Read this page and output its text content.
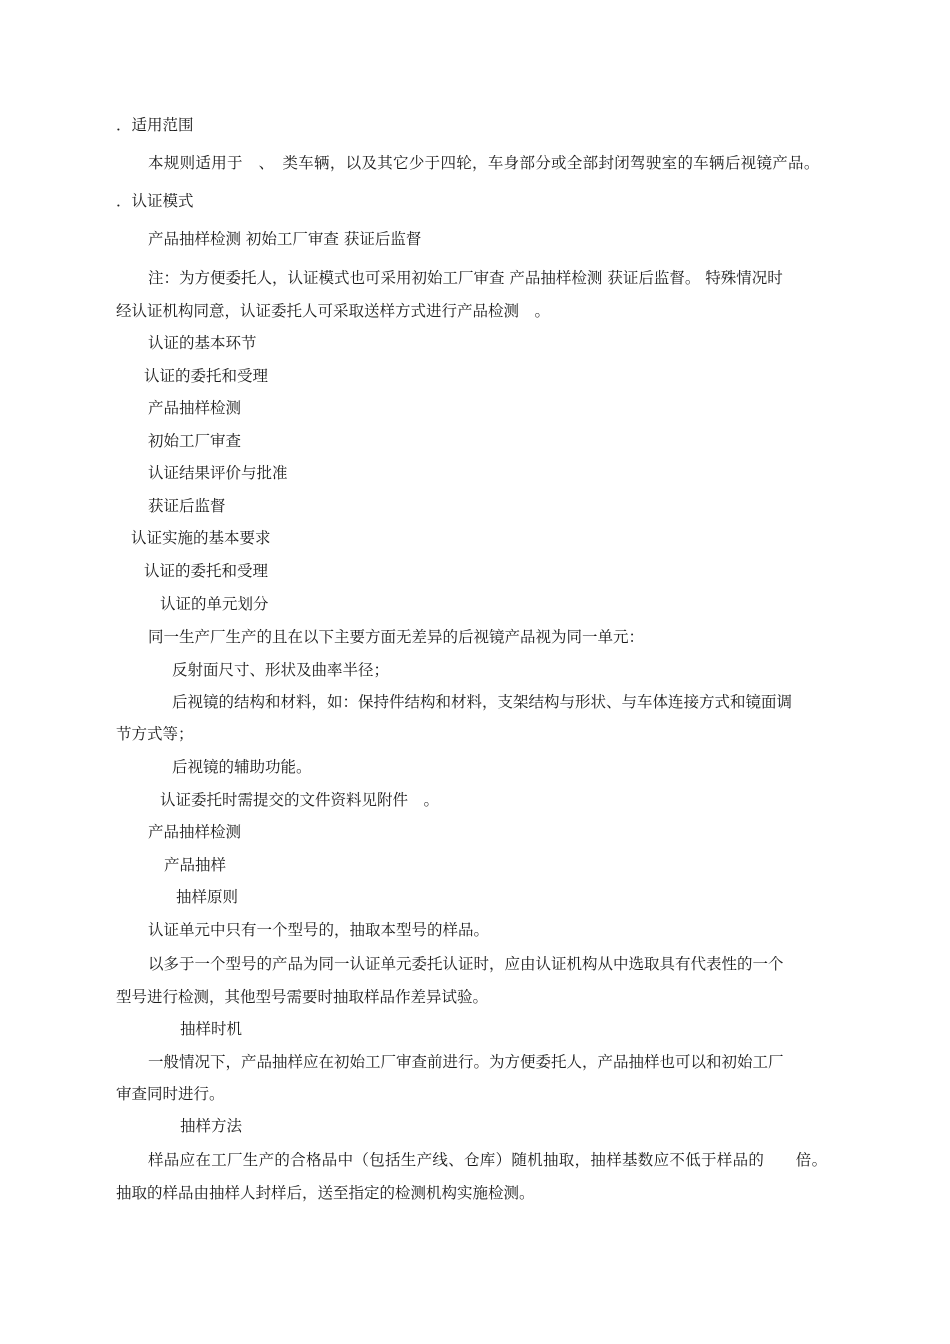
．适用范围
本规则适用于　、　类车辆，以及其它少于四轮，车身部分或全部封闭驾驶室的车辆后视镜产品。
．认证模式
产品抽样检测 初始工厂审查 获证后监督
注：为方便委托人，认证模式也可采用初始工厂审查 产品抽样检测 获证后监督。 特殊情况时
经认证机构同意，认证委托人可采取送样方式进行产品检测　。
认证的基本环节
认证的委托和受理
产品抽样检测
初始工厂审查
认证结果评价与批准
获证后监督
认证实施的基本要求
认证的委托和受理
认证的单元划分
同一生产厂生产的且在以下主要方面无差异的后视镜产品视为同一单元：
反射面尺寸、形状及曲率半径；
后视镜的结构和材料，如：保持件结构和材料，支架结构与形状、与车体连接方式和镜面调
节方式等；
后视镜的辅助功能。
认证委托时需提交的文件资料见附件　。
产品抽样检测
产品抽样
抽样原则
认证单元中只有一个型号的，抽取本型号的样品。
以多于一个型号的产品为同一认证单元委托认证时，应由认证机构从中选取具有代表性的一个
型号进行检测，其他型号需要时抽取样品作差异试验。
抽样时机
一般情况下，产品抽样应在初始工厂审查前进行。为方便委托人，产品抽样也可以和初始工厂
审查同时进行。
抽样方法
样品应在工厂生产的合格品中（包括生产线、仓库）随机抽取，抽样基数应不低于样品的　　倍。
抽取的样品由抽样人封样后，送至指定的检测机构实施检测。
